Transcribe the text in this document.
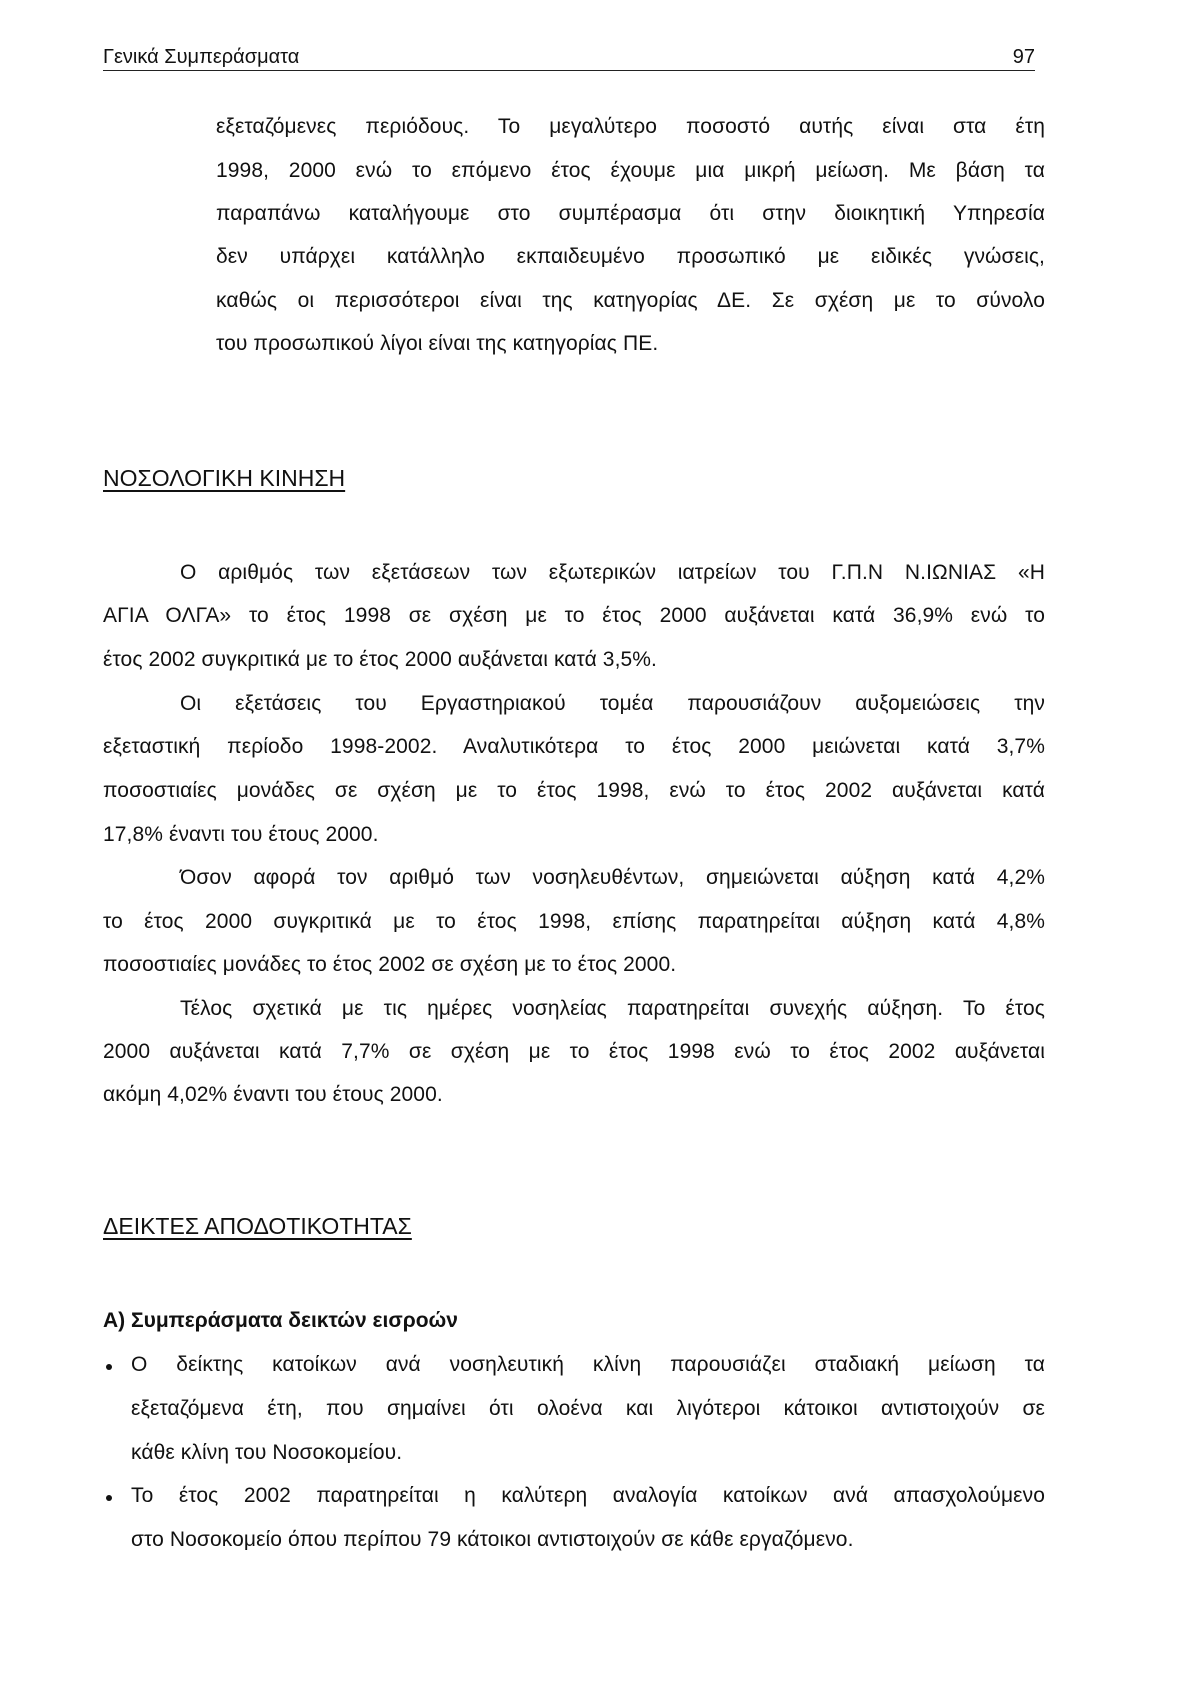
Γενικά Συμπεράσματα	97
εξεταζόμενες περιόδους. Το μεγαλύτερο ποσοστό αυτής είναι στα έτη
1998, 2000 ενώ το επόμενο έτος έχουμε μια μικρή μείωση. Με βάση τα
παραπάνω καταλήγουμε στο συμπέρασμα ότι στην διοικητική Υπηρεσία
δεν υπάρχει κατάλληλο εκπαιδευμένο προσωπικό με ειδικές γνώσεις,
καθώς οι περισσότεροι είναι της κατηγορίας ΔΕ. Σε σχέση με το σύνολο
του προσωπικού λίγοι είναι της κατηγορίας ΠΕ.
ΝΟΣΟΛΟΓΙΚΗ ΚΙΝΗΣΗ
Ο αριθμός των εξετάσεων των εξωτερικών ιατρείων του Γ.Π.Ν Ν.ΙΩΝΙΑΣ «Η
ΑΓΙΑ ΟΛΓΑ» το έτος 1998 σε σχέση με το έτος 2000 αυξάνεται κατά 36,9% ενώ το
έτος 2002 συγκριτικά με το έτος 2000 αυξάνεται κατά 3,5%.
Οι εξετάσεις του Εργαστηριακού τομέα παρουσιάζουν αυξομειώσεις την
εξεταστική περίοδο 1998-2002. Αναλυτικότερα το έτος 2000 μειώνεται κατά 3,7%
ποσοστιαίες μονάδες σε σχέση με το έτος 1998, ενώ το έτος 2002 αυξάνεται κατά
17,8% έναντι του έτους 2000.
Όσον αφορά τον αριθμό των νοσηλευθέντων, σημειώνεται αύξηση κατά 4,2%
το έτος 2000 συγκριτικά με το έτος 1998, επίσης παρατηρείται αύξηση κατά 4,8%
ποσοστιαίες μονάδες το έτος 2002 σε σχέση με το έτος 2000.
Τέλος σχετικά με τις ημέρες νοσηλείας παρατηρείται συνεχής αύξηση. Το έτος
2000 αυξάνεται κατά 7,7% σε σχέση με το έτος 1998 ενώ το έτος 2002 αυξάνεται
ακόμη 4,02% έναντι του έτους 2000.
ΔΕΙΚΤΕΣ ΑΠΟΔΟΤΙΚΟΤΗΤΑΣ
Α) Συμπεράσματα δεικτών εισροών
Ο δείκτης κατοίκων ανά νοσηλευτική κλίνη παρουσιάζει σταδιακή μείωση τα
εξεταζόμενα έτη, που σημαίνει ότι ολοένα και λιγότεροι κάτοικοι αντιστοιχούν σε
κάθε κλίνη του Νοσοκομείου.
Το έτος 2002 παρατηρείται η καλύτερη αναλογία κατοίκων ανά απασχολούμενο
στο Νοσοκομείο όπου περίπου 79 κάτοικοι αντιστοιχούν σε κάθε εργαζόμενο.
